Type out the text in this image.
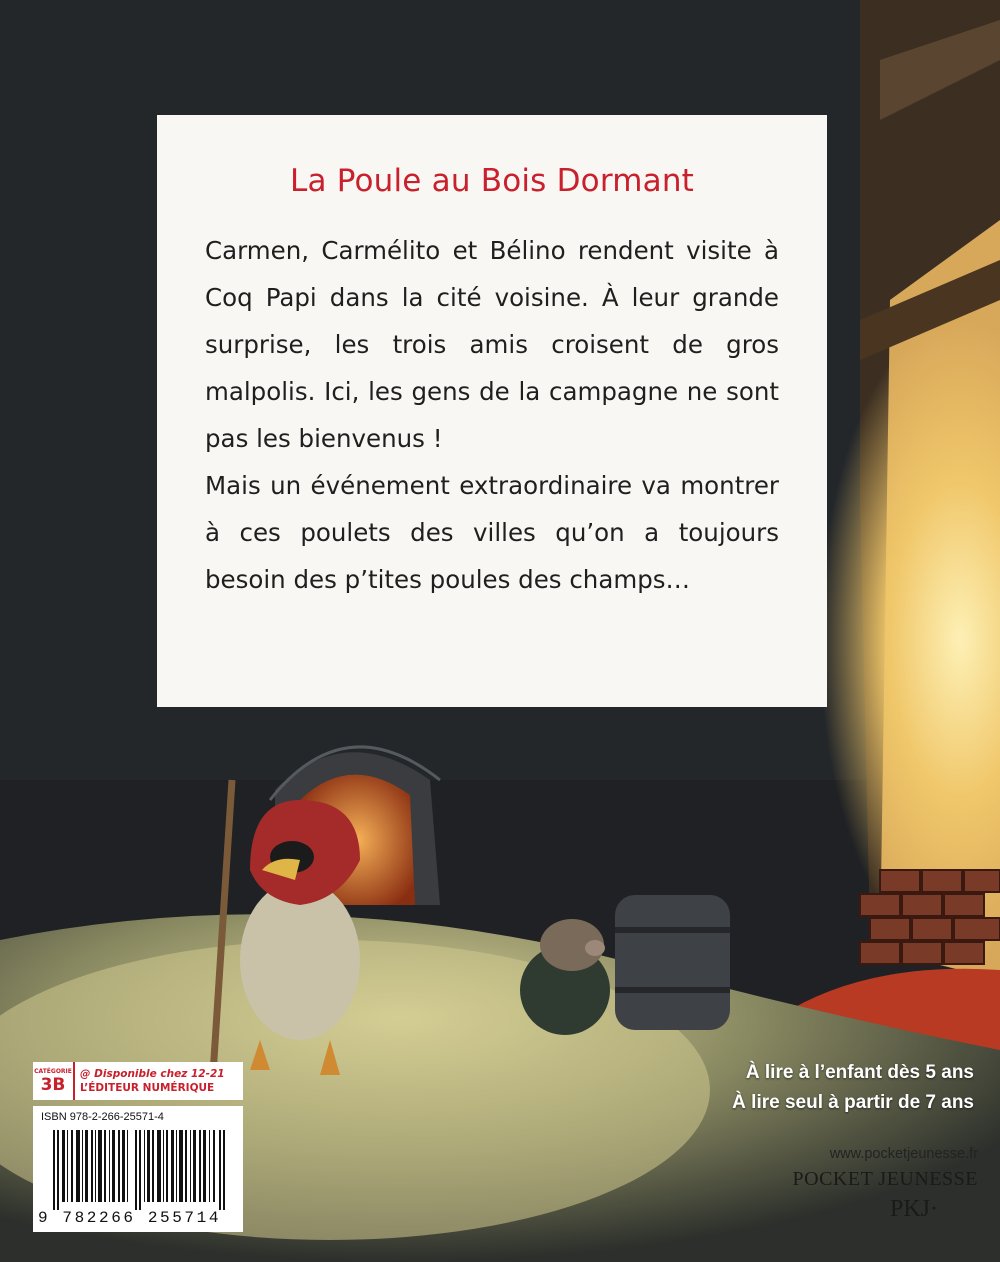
La Poule au Bois Dormant

Carmen, Carmélito et Bélino rendent visite à Coq Papi dans la cité voisine. À leur grande surprise, les trois amis croisent de gros malpolis. Ici, les gens de la campagne ne sont pas les bienvenus !

Mais un événement extraordinaire va montrer à ces poulets des villes qu’on a toujours besoin des p’tites poules des champs…

CATÉGORIE
3B
@ Disponible chez 12-21
L’ÉDITEUR NUMÉRIQUE
ISBN 978-2-266-25571-4
9 782266 255714
À lire à l’enfant dès 5 ans
À lire seul à partir de 7 ans
www.pocketjeunesse.fr
POCKET JEUNESSE
PKJ·
